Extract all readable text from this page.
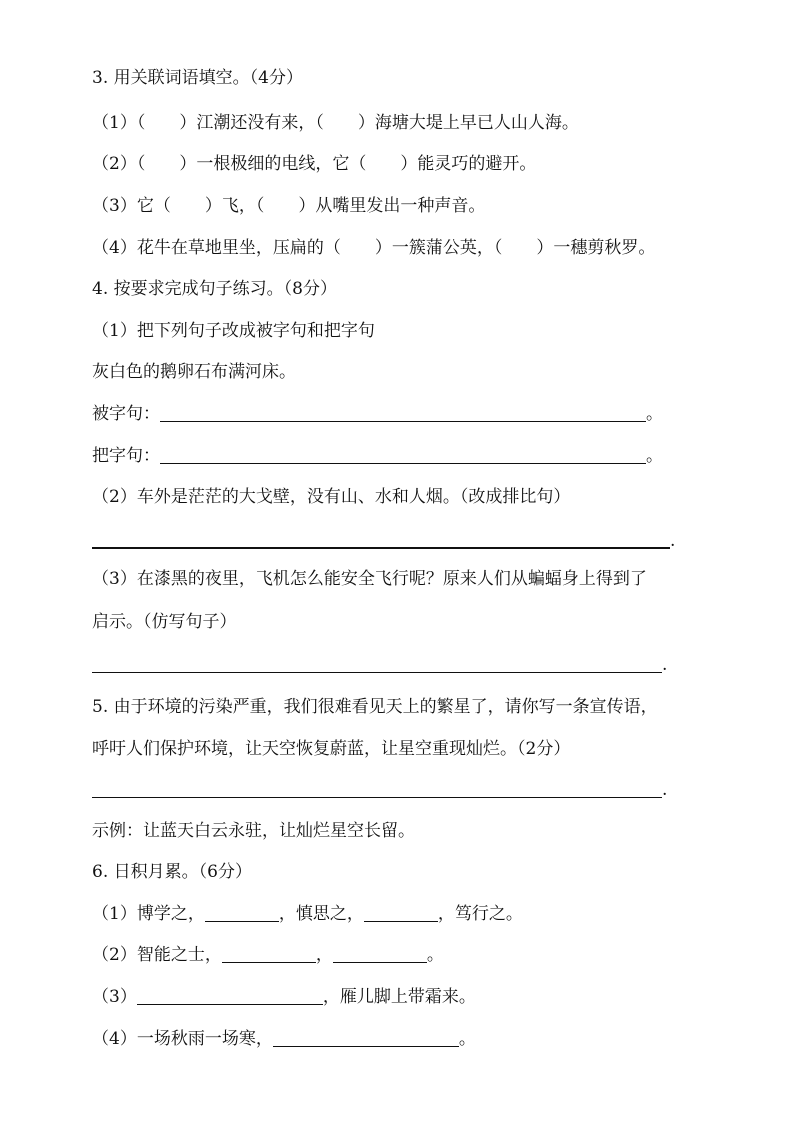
3. 用关联词语填空。（4分）
（1）（　　）江潮还没有来，（　　）海塘大堤上早已人山人海。
（2）（　　）一根极细的电线，它（　　）能灵巧的避开。
（3）它（　　）飞，（　　）从嘴里发出一种声音。
（4）花牛在草地里坐，压扁的（　　）一簇蒲公英，（　　）一穗剪秋罗。
4. 按要求完成句子练习。（8分）
（1）把下列句子改成被字句和把字句
灰白色的鹅卵石布满河床。
被字句：	。
把字句：	。
（2）车外是茫茫的大戈壁，没有山、水和人烟。（改成排比句）
.
（3）在漆黑的夜里，飞机怎么能安全飞行呢？原来人们从蝙蝠身上得到了
启示。（仿写句子）
.
5. 由于环境的污染严重，我们很难看见天上的繁星了，请你写一条宣传语，
呼吁人们保护环境，让天空恢复蔚蓝，让星空重现灿烂。（2分）
.
示例：让蓝天白云永驻，让灿烂星空长留。
6. 日积月累。（6分）
（1）博学之，	，慎思之，	，笃行之。
（2）智能之士，	，	。
（3）	，雁儿脚上带霜来。
（4）一场秋雨一场寒，	。
